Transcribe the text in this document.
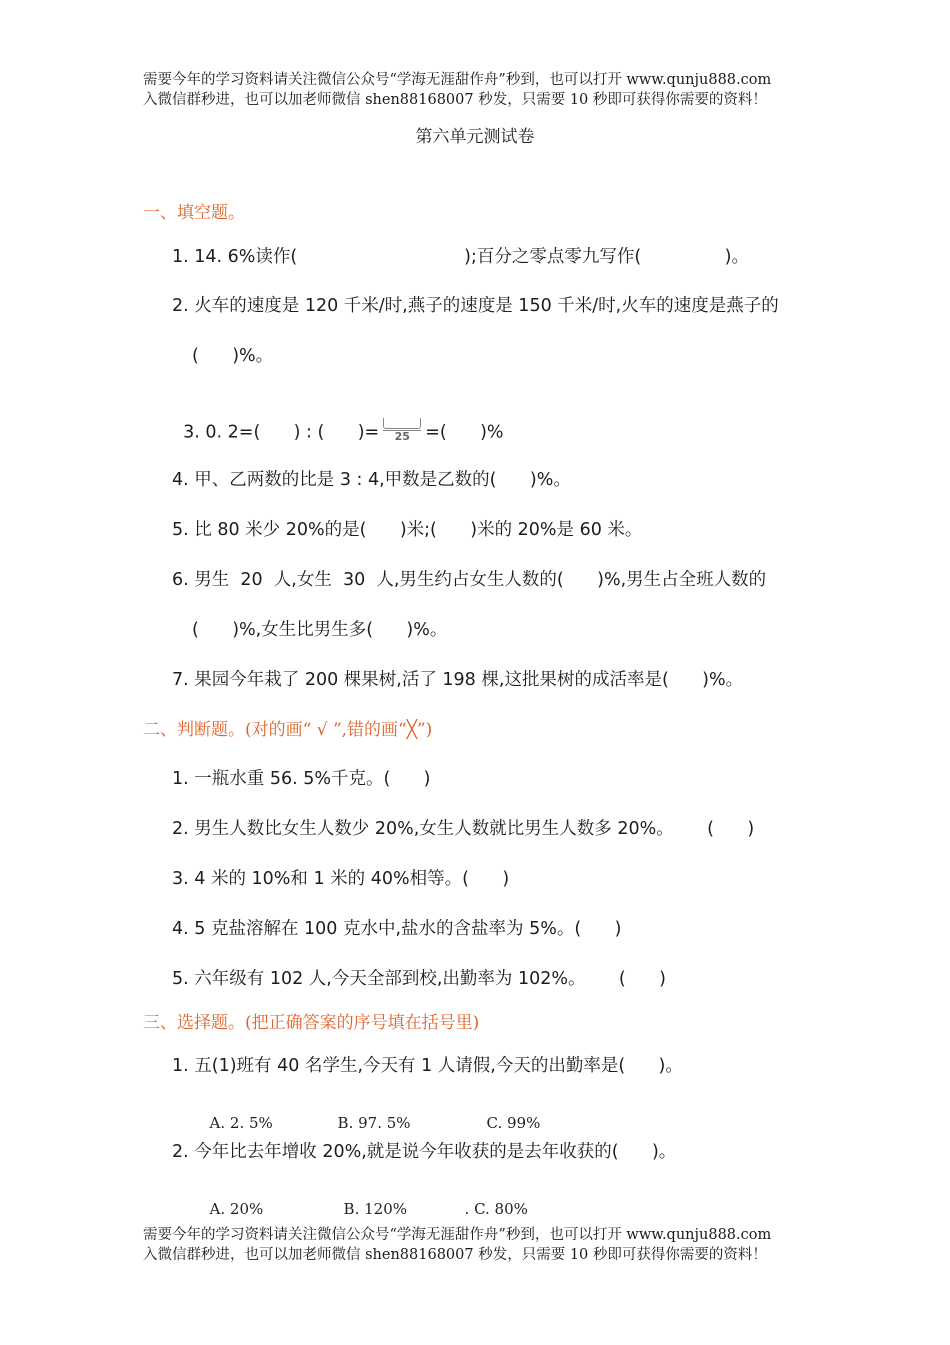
需要今年的学习资料请关注微信公众号“学海无涯甜作舟”秒到，也可以打开 www.qunju888.com
入微信群秒进，也可以加老师微信 shen88168007 秒发，只需要 10 秒即可获得你需要的资料！
第六单元测试卷
一、填空题。
1. 14. 6%读作(                              );百分之零点零九写作(               )。
2. 火车的速度是 120 千米/时,燕子的速度是 150 千米/时,火车的速度是燕子的
(      )%。

3. 0. 2=(      ) : (      )=	25 =(      )%

4. 甲、乙两数的比是 3 : 4,甲数是乙数的(      )%。
5. 比 80 米少 20%的是(      )米;(      )米的 20%是 60 米。
6. 男生  20  人,女生  30  人,男生约占女生人数的(      )%,男生占全班人数的
(      )%,女生比男生多(      )%。
7. 果园今年栽了 200 棵果树,活了 198 棵,这批果树的成活率是(      )%。
二、判断题。(对的画“ √ ”,错的画“╳”)
1. 一瓶水重 56. 5%千克。(      )
2. 男生人数比女生人数少 20%,女生人数就比男生人数多 20%。      (      )
3. 4 米的 10%和 1 米的 40%相等。(      )
4. 5 克盐溶解在 100 克水中,盐水的含盐率为 5%。(      )
5. 六年级有 102 人,今天全部到校,出勤率为 102%。      (      )
三、选择题。(把正确答案的序号填在括号里)
1. 五(1)班有 40 名学生,今天有 1 人请假,今天的出勤率是(      )。

A. 2. 5%	B. 97. 5%	C. 99%

2. 今年比去年增收 20%,就是说今年收获的是去年收获的(      )。

A. 20%	B. 120%	. C. 80%

需要今年的学习资料请关注微信公众号“学海无涯甜作舟”秒到，也可以打开 www.qunju888.com
入微信群秒进，也可以加老师微信 shen88168007 秒发，只需要 10 秒即可获得你需要的资料！
